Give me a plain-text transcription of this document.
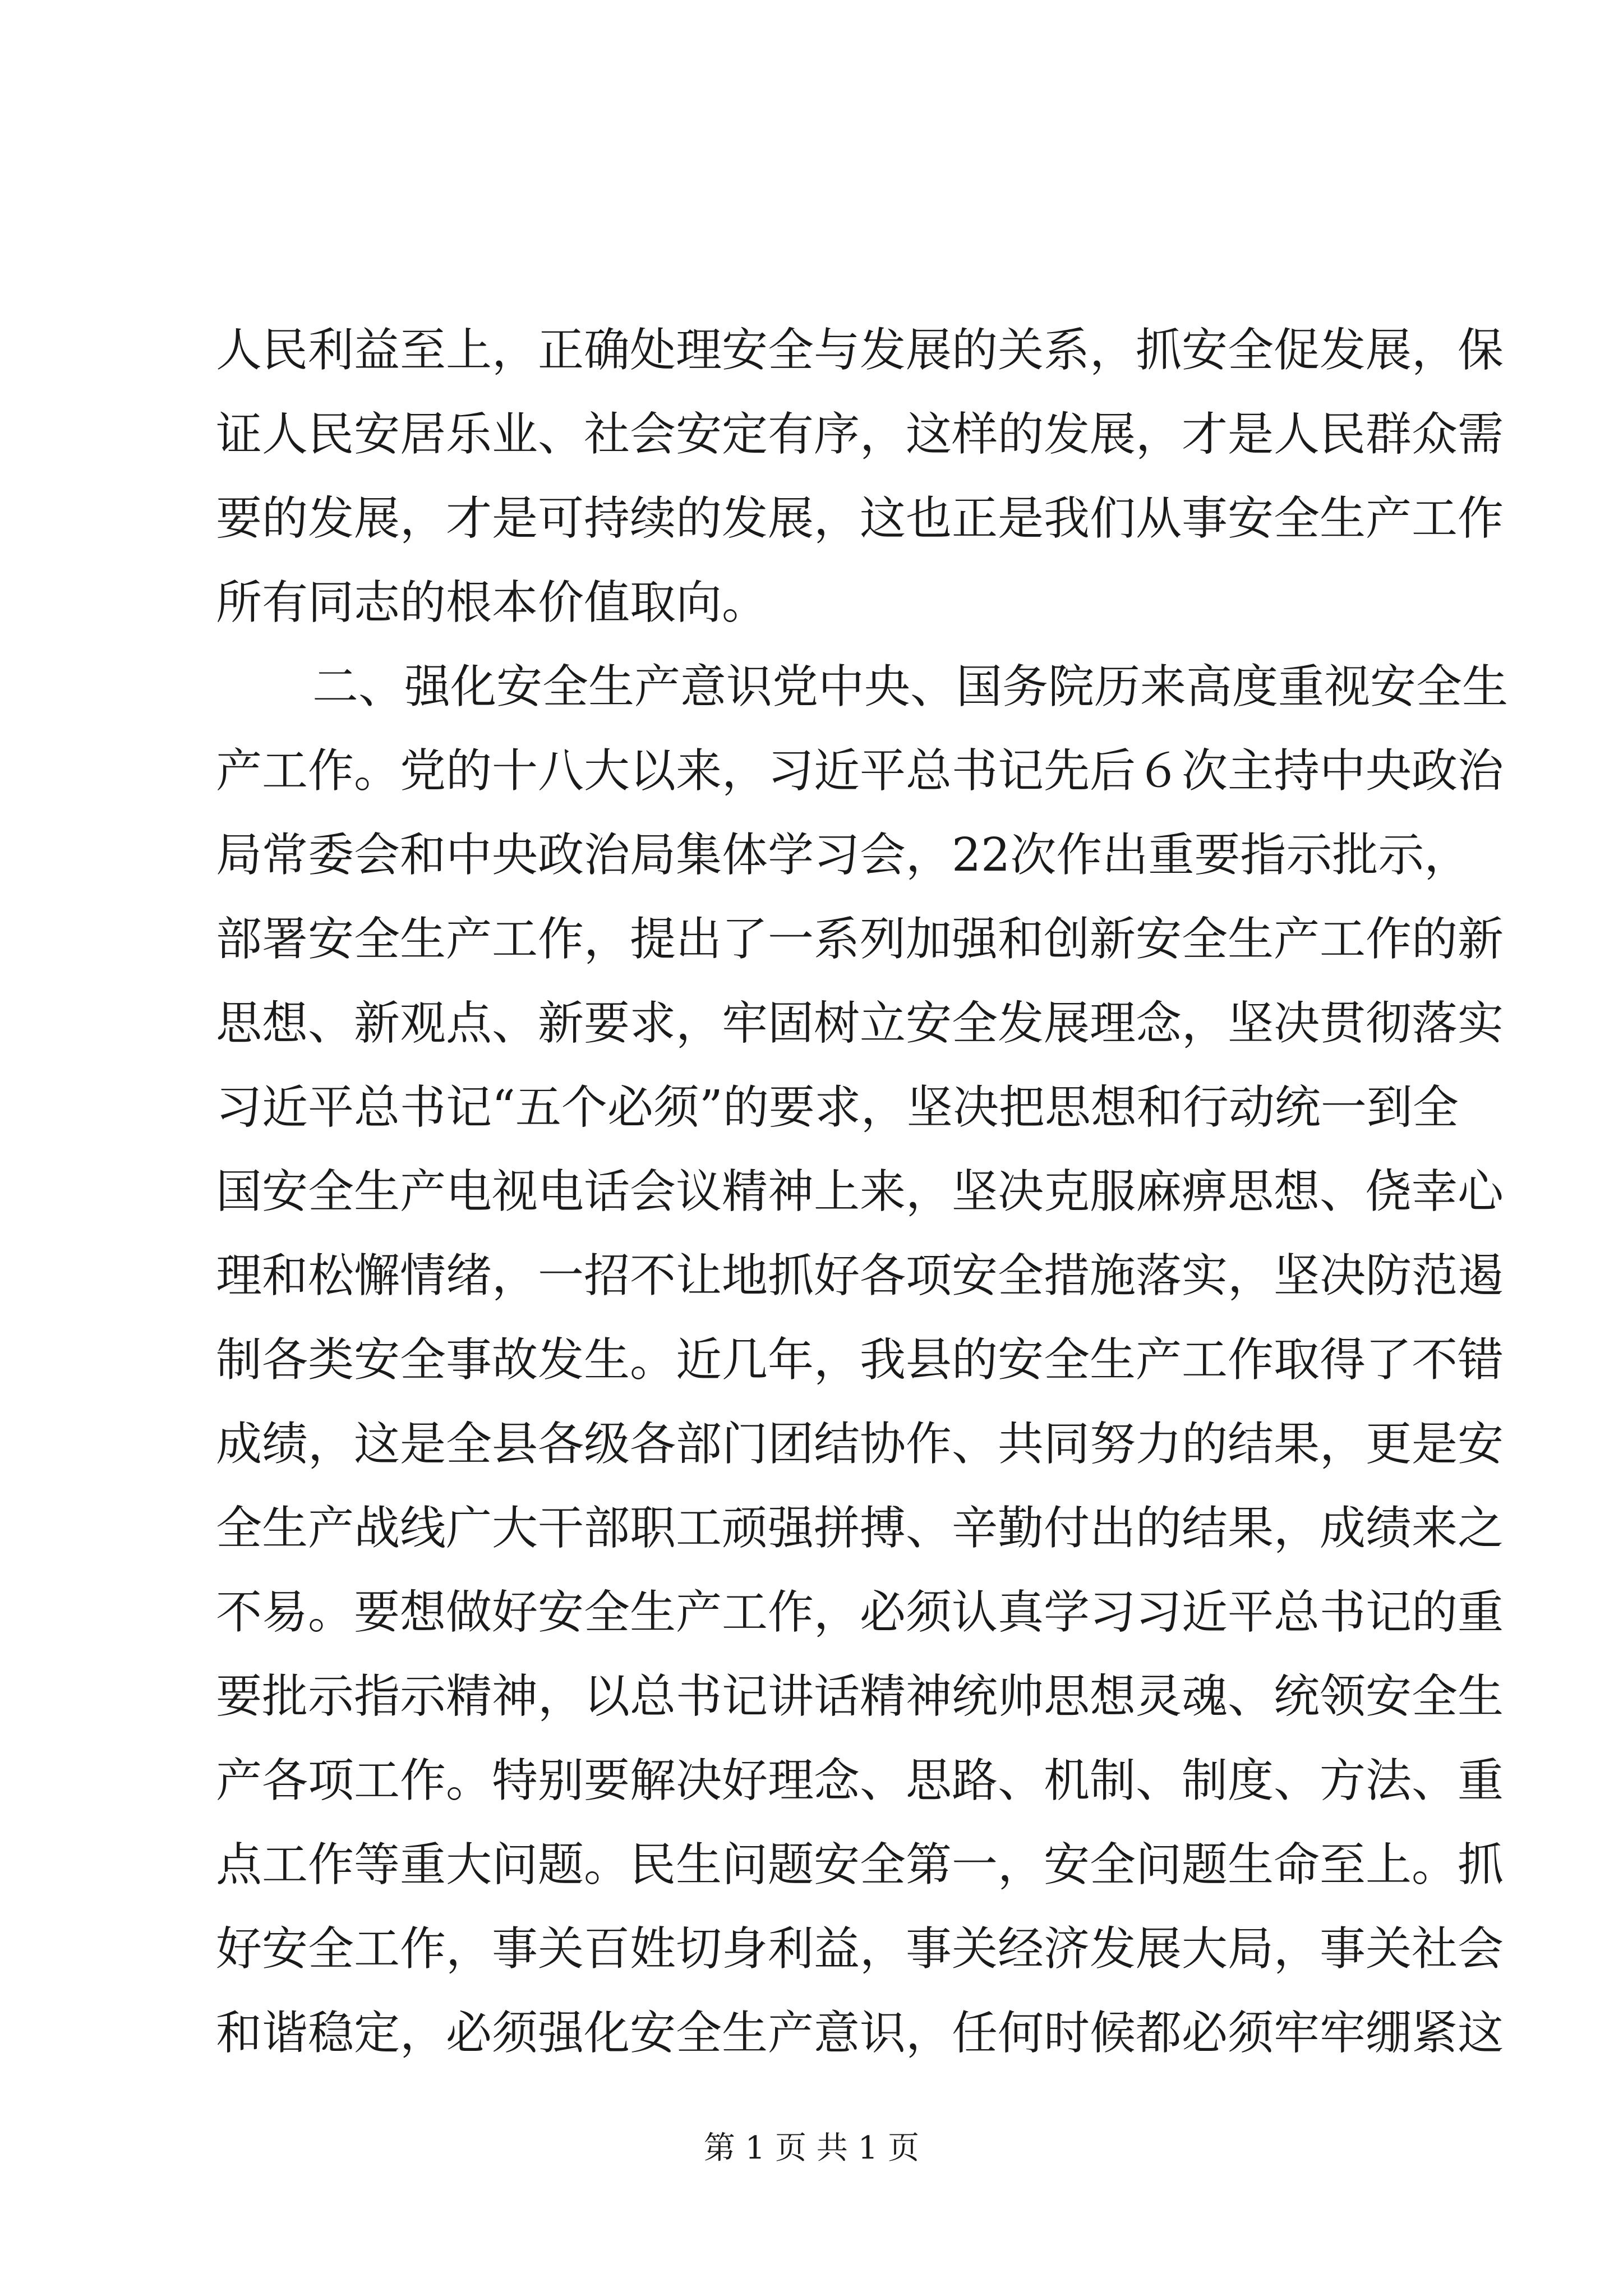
人民利益至上，正确处理安全与发展的关系，抓安全促发展，保
证人民安居乐业、社会安定有序，这样的发展，才是人民群众需
要的发展，才是可持续的发展，这也正是我们从事安全生产工作
所有同志的根本价值取向。
二、强化安全生产意识党中央、国务院历来高度重视安全生
产工作。党的十八大以来，习近平总书记先后６次主持中央政治
局常委会和中央政治局集体学习会，22次作出重要指示批示，
部署安全生产工作，提出了一系列加强和创新安全生产工作的新
思想、新观点、新要求，牢固树立安全发展理念，坚决贯彻落实
习近平总书记“五个必须”的要求，坚决把思想和行动统一到全
国安全生产电视电话会议精神上来，坚决克服麻痹思想、侥幸心
理和松懈情绪，一招不让地抓好各项安全措施落实，坚决防范遏
制各类安全事故发生。近几年，我县的安全生产工作取得了不错
成绩，这是全县各级各部门团结协作、共同努力的结果，更是安
全生产战线广大干部职工顽强拼搏、辛勤付出的结果，成绩来之
不易。要想做好安全生产工作，必须认真学习习近平总书记的重
要批示指示精神，以总书记讲话精神统帅思想灵魂、统领安全生
产各项工作。特别要解决好理念、思路、机制、制度、方法、重
点工作等重大问题。民生问题安全第一，安全问题生命至上。抓
好安全工作，事关百姓切身利益，事关经济发展大局，事关社会
和谐稳定，必须强化安全生产意识，任何时候都必须牢牢绷紧这
第 1 页 共 1 页
